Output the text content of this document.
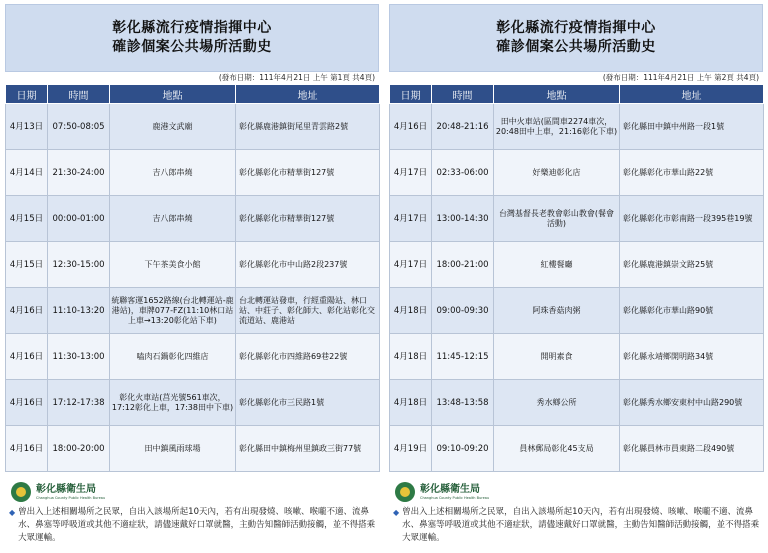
彰化縣流行疫情指揮中心
確診個案公共場所活動史
(發布日期：111年4月21日 上午 第1頁 共4頁)
日期	時間	地點	地址
4月13日	07:50-08:05	鹿港文武廟	彰化縣鹿港鎮街尾里青雲路2號
4月14日	21:30-24:00	吉八郎串燒	彰化縣彰化市精華街127號
4月15日	00:00-01:00	吉八郎串燒	彰化縣彰化市精華街127號
4月15日	12:30-15:00	下午茶美食小館	彰化縣彰化市中山路2段237號
4月16日	11:10-13:20	統聯客運1652路線(台北轉運站-鹿港站)，車牌077-FZ(11:10林口站上車→13:20彰化站下車)	台北轉運站發車，行經重陽站、林口站、中莊子、彰化師大、彰化站彰化交流道站、鹿港站
4月16日	11:30-13:00	嗑肉石鍋彰化四維店	彰化縣彰化市四維路69巷22號
4月16日	17:12-17:38	彰化火車站(莒光號561車次，17:12彰化上車，17:38田中下車)	彰化縣彰化市三民路1號
4月16日	18:00-20:00	田中鎮風雨球場	彰化縣田中鎮梅州里鎮政三街77號
彰化縣衛生局
Changhua County Public Health Bureau
◆ 曾出入上述相關場所之民眾，自出入該場所起10天內，若有出現發燒、咳嗽、喉嚨不適、流鼻水、鼻塞等呼吸道或其他不適症狀，請儘速戴好口罩就醫，主動告知醫師活動接觸，並不得搭乘大眾運輸。
彰化縣流行疫情指揮中心
確診個案公共場所活動史
(發布日期：111年4月21日 上午 第2頁 共4頁)
日期	時間	地點	地址
4月16日	20:48-21:16	田中火車站(區間車2274車次，20:48田中上車，21:16彰化下車)	彰化縣田中鎮中州路一段1號
4月17日	02:33-06:00	好樂迪彰化店	彰化縣彰化市華山路22號
4月17日	13:00-14:30	台灣基督長老教會彰山教會(餐會活動)	彰化縣彰化市彰南路一段395巷19號
4月17日	18:00-21:00	紅樓餐廳	彰化縣鹿港鎮崇文路25號
4月18日	09:00-09:30	阿珠香菇肉粥	彰化縣彰化市華山路90號
4月18日	11:45-12:15	開明素食	彰化縣永靖鄉開明路34號
4月18日	13:48-13:58	秀水鄉公所	彰化縣秀水鄉安東村中山路290號
4月19日	09:10-09:20	員林郵局彰化45支局	彰化縣員林市員東路二段490號
彰化縣衛生局
Changhua County Public Health Bureau
◆ 曾出入上述相關場所之民眾，自出入該場所起10天內，若有出現發燒、咳嗽、喉嚨不適、流鼻水、鼻塞等呼吸道或其他不適症狀，請儘速戴好口罩就醫，主動告知醫師活動接觸，並不得搭乘大眾運輸。
